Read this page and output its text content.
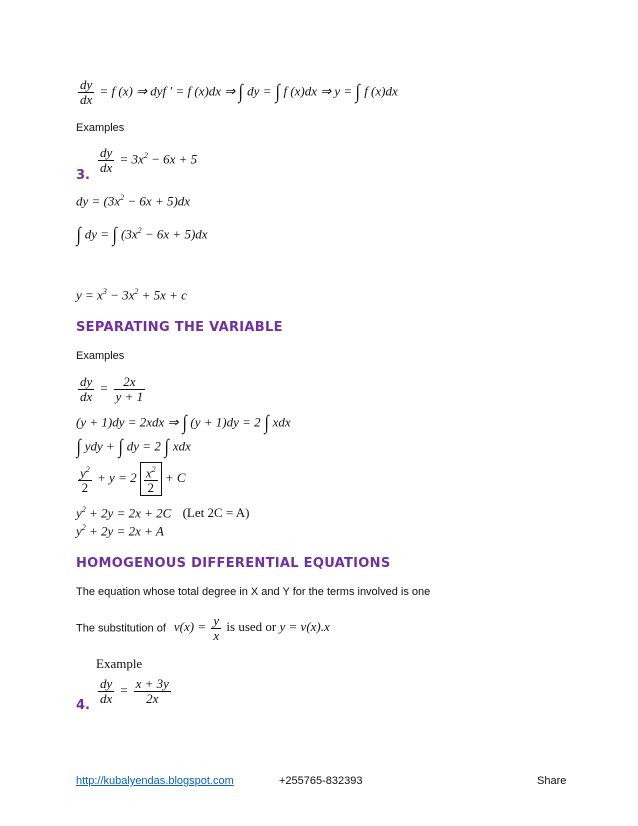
$\frac{dy}{dx} = f$ (x) ⇒ dyf ′ = f (x)dx ⇒ ∫ dy = ∫ f (x)dx ⇒ y = ∫ f (x)dx
Examples
$\frac{dy}{dx} = 3x^2 - 6x + 5$
3.
dy = $(3x^2 - 6x + 5)dx$
∫ dy = ∫ $(3x^2 - 6x + 5)dx$
$y = x^3 - 3x^2 + 5x + c$
SEPARATING THE VARIABLE
Examples
$\frac{dy}{dx} = \frac{2x}{y + 1}$
(y + 1)dy = 2xdx ⇒ ∫ (y + 1)dy = 2 ∫ xdx
∫ ydy + ∫ dy = 2 ∫ xdx
$\frac{y^2}{2} + y = 2 \frac{x^2}{2} + C$
$y^2 + 2y = 2x + 2C$ (Let 2C = A)
$y^2 + 2y = 2x + A$
HOMOGENOUS DIFFERENTIAL EQUATIONS
The equation whose total degree in X and Y for the terms involved is one
The substitution of $v(x) = \frac{y}{x}$ is used or y = v(x).x
Example
$\frac{dy}{dx} = \frac{x + 3y}{2x}$
4.
http://kubalyendas.blogspot.com	+255765-832393	Share
